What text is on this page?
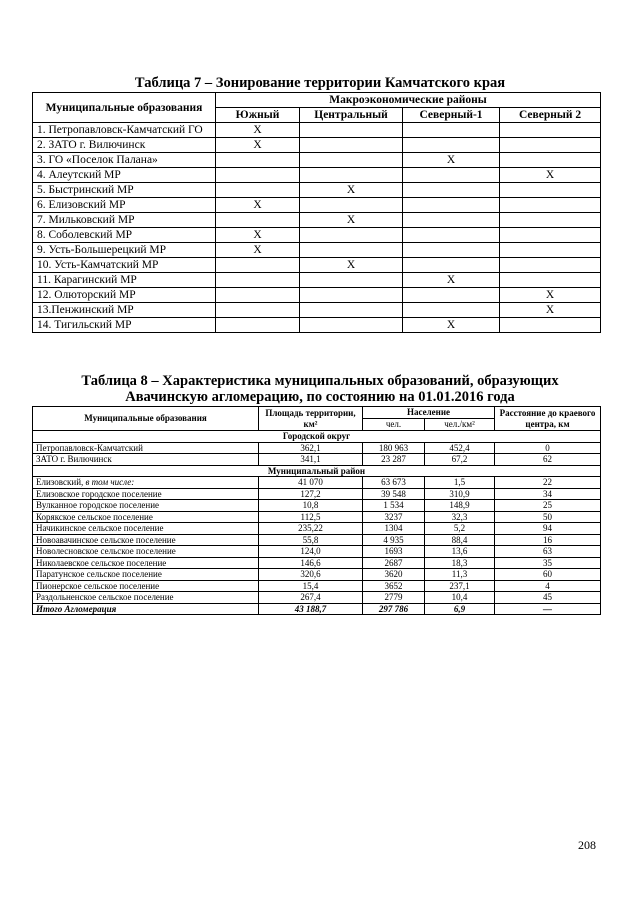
Таблица 7 – Зонирование территории Камчатского края
Муниципальные образования	Макроэкономические районы			
	Южный	Центральный	Северный-1	Северный 2
1. Петропавловск-Камчатский ГО	X			
2. ЗАТО г. Вилючинск	X			
3. ГО «Поселок Палана»			X	
4. Алеутский МР				X
5. Быстринский МР		X		
6. Елизовский МР	X			
7. Мильковский МР		X		
8. Соболевский МР	X			
9. Усть-Большерецкий МР	X			
10. Усть-Камчатский МР		X		
11. Карагинский МР			X	
12. Олюторский МР				X
13.Пенжинский МР				X
14. Тигильский МР			X	
Таблица 8 – Характеристика муниципальных образований, образующих
Авачинскую агломерацию, по состоянию на 01.01.2016 года
Муниципальные образования	Площадь территории, км²	Население		Расстояние до краевого центра, км
		чел.	чел./км²	
Городской округ				
Петропавловск-Камчатский	362,1	180 963	452,4	0
ЗАТО г. Вилючинск	341,1	23 287	67,2	62
Муниципальный район				
Елизовский, в том числе:	41 070	63 673	1,5	22
Елизовское городское поселение	127,2	39 548	310,9	34
Вулканное городское поселение	10,8	1 534	148,9	25
Корякское сельское поселение	112,5	3237	32,3	50
Начикинское сельское поселение	235,22	1304	5,2	94
Новоавачинское сельское поселение	55,8	4 935	88,4	16
Новолесновское сельское поселение	124,0	1693	13,6	63
Николаевское сельское поселение	146,6	2687	18,3	35
Паратунское сельское поселение	320,6	3620	11,3	60
Пионерское сельское поселение	15,4	3652	237,1	4
Раздольненское сельское поселение	267,4	2779	10,4	45
Итого Агломерация	43 188,7	297 786	6,9	—
208
